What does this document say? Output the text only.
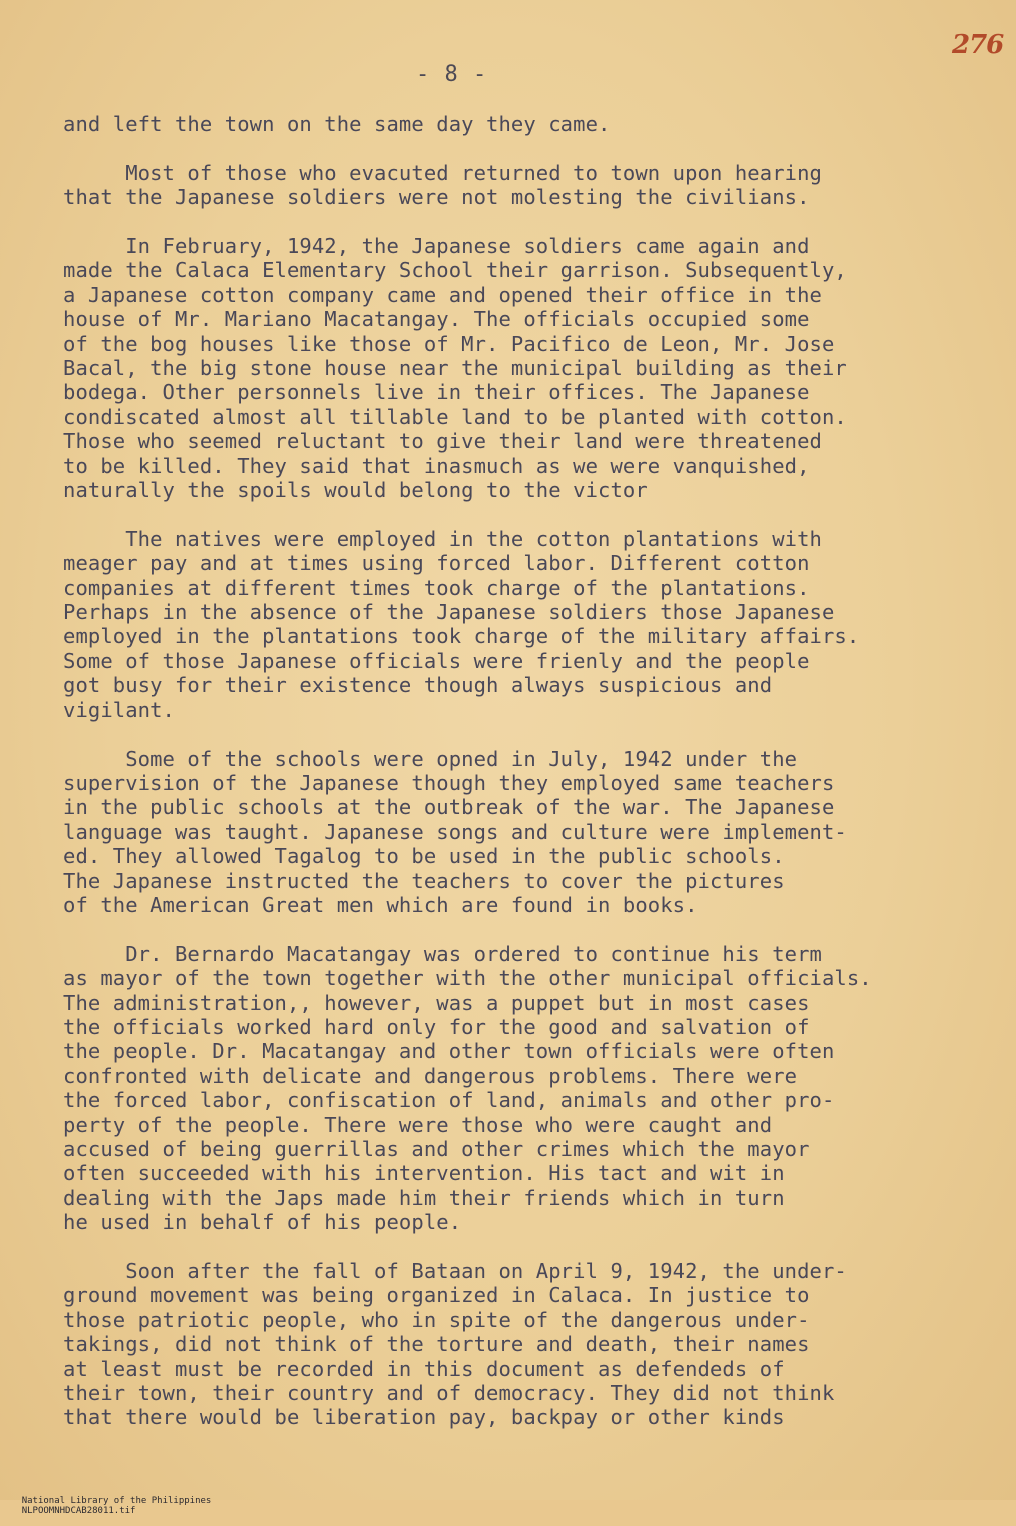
276
- 8 -
and left the town on the same day they came.
Most of those who evacuted returned to town upon hearing
that the Japanese soldiers were not molesting the civilians.
In February, 1942, the Japanese soldiers came again and
made the Calaca Elementary School their garrison. Subsequently,
a Japanese cotton company came and opened their office in the
house of Mr. Mariano Macatangay. The officials occupied some
of the bog houses like those of Mr. Pacifico de Leon, Mr. Jose
Bacal, the big stone house near the municipal building as their
bodega. Other personnels live in their offices. The Japanese
condiscated almost all tillable land to be planted with cotton.
Those who seemed reluctant to give their land were threatened
to be killed. They said that inasmuch as we were vanquished,
naturally the spoils would belong to the victor
The natives were employed in the cotton plantations with
meager pay and at times using forced labor. Different cotton
companies at different times took charge of the plantations.
Perhaps in the absence of the Japanese soldiers those Japanese
employed in the plantations took charge of the military affairs.
Some of those Japanese officials were frienly and the people
got busy for their existence though always suspicious and
vigilant.
Some of the schools were opned in July, 1942 under the
supervision of the Japanese though they employed same teachers
in the public schools at the outbreak of the war. The Japanese
language was taught. Japanese songs and culture were implement-
ed. They allowed Tagalog to be used in the public schools.
The Japanese instructed the teachers to cover the pictures
of the American Great men which are found in books.
Dr. Bernardo Macatangay was ordered to continue his term
as mayor of the town together with the other municipal officials.
The administration,, however, was a puppet but in most cases
the officials worked hard only for the good and salvation of
the people. Dr. Macatangay and other town officials were often
confronted with delicate and dangerous problems. There were
the forced labor, confiscation of land, animals and other pro-
perty of the people. There were those who were caught and
accused of being guerrillas and other crimes which the mayor
often succeeded with his intervention. His tact and wit in
dealing with the Japs made him their friends which in turn
he used in behalf of his people.
Soon after the fall of Bataan on April 9, 1942, the under-
ground movement was being organized in Calaca. In justice to
those patriotic people, who in spite of the dangerous under-
takings, did not think of the torture and death, their names
at least must be recorded in this document as defendeds of
their town, their country and of democracy. They did not think
that there would be liberation pay, backpay or other kinds

National Library of the Philippines
NLPOOMNHDCAB28011.tif
